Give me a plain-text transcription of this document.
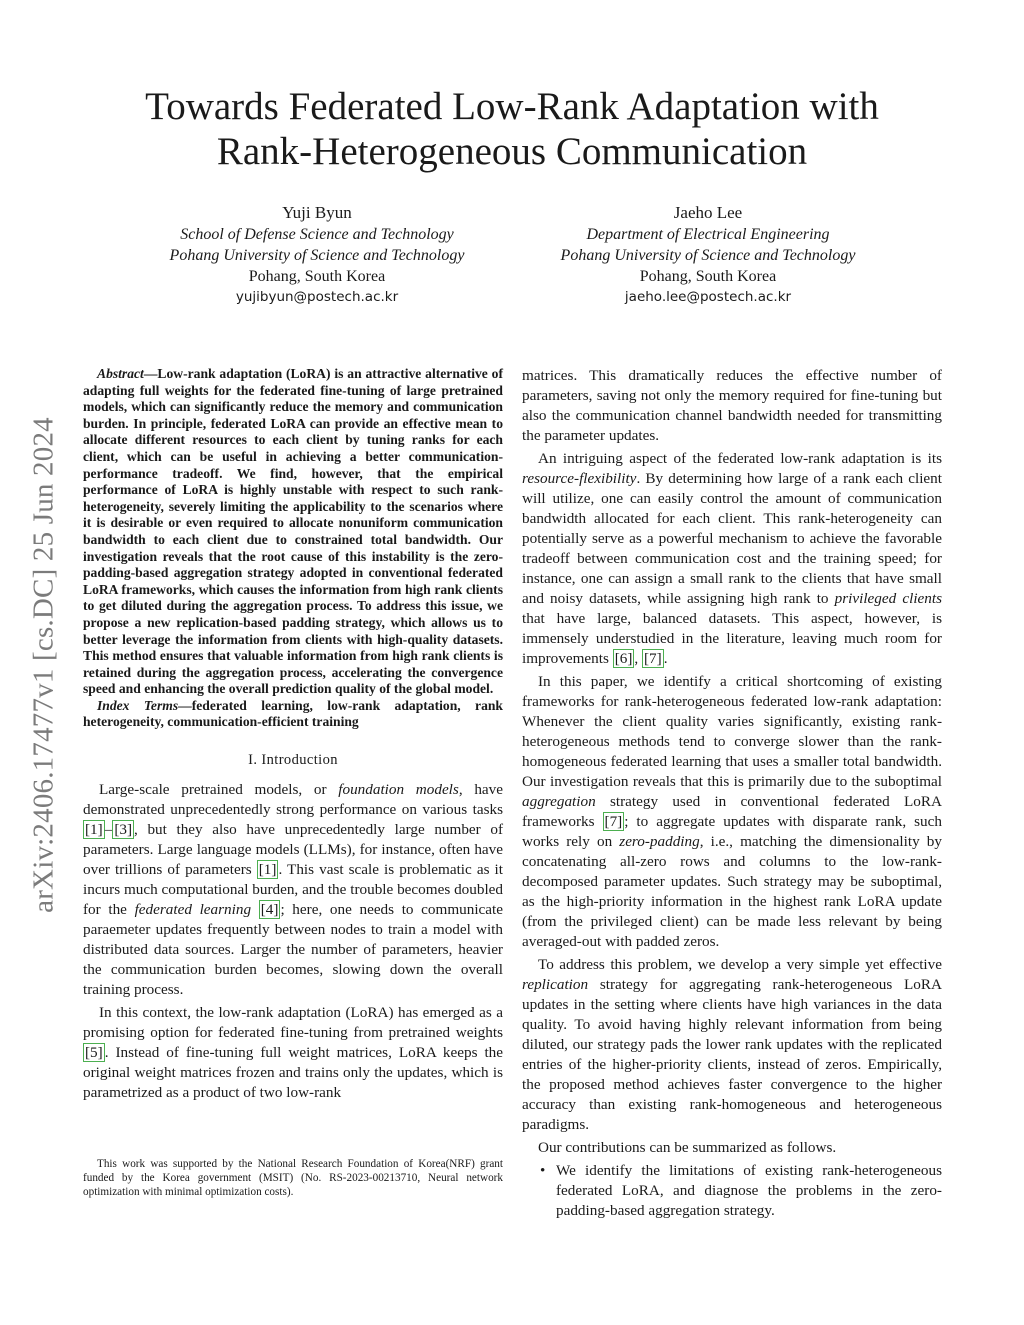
arXiv:2406.17477v1 [cs.DC] 25 Jun 2024
Towards Federated Low-Rank Adaptation with
Rank-Heterogeneous Communication
Yuji Byun
School of Defense Science and Technology
Pohang University of Science and Technology
Pohang, South Korea
yujibyun@postech.ac.kr
Jaeho Lee
Department of Electrical Engineering
Pohang University of Science and Technology
Pohang, South Korea
jaeho.lee@postech.ac.kr

Abstract—Low-rank adaptation (LoRA) is an attractive alternative of adapting full weights for the federated fine-tuning of large pretrained models, which can significantly reduce the memory and communication burden. In principle, federated LoRA can provide an effective mean to allocate different resources to each client by tuning ranks for each client, which can be useful in achieving a better communication-performance tradeoff. We find, however, that the empirical performance of LoRA is highly unstable with respect to such rank-heterogeneity, severely limiting the applicability to the scenarios where it is desirable or even required to allocate nonuniform communication bandwidth to each client due to constrained total bandwidth. Our investigation reveals that the root cause of this instability is the zero-padding-based aggregation strategy adopted in conventional federated LoRA frameworks, which causes the information from high rank clients to get diluted during the aggregation process. To address this issue, we propose a new replication-based padding strategy, which allows us to better leverage the information from clients with high-quality datasets. This method ensures that valuable information from high rank clients is retained during the aggregation process, accelerating the convergence speed and enhancing the overall prediction quality of the global model.

Index Terms—federated learning, low-rank adaptation, rank heterogeneity, communication-efficient training

I. Introduction

Large-scale pretrained models, or foundation models, have demonstrated unprecedentedly strong performance on various tasks [1] – [3] , but they also have unprecedentedly large number of parameters. Large language models (LLMs), for instance, often have over trillions of parameters [1] . This vast scale is problematic as it incurs much computational burden, and the trouble becomes doubled for the federated learning [4] ; here, one needs to communicate paraemeter updates frequently between nodes to train a model with distributed data sources. Larger the number of parameters, heavier the communication burden becomes, slowing down the overall training process.

In this context, the low-rank adaptation (LoRA) has emerged as a promising option for federated fine-tuning from pretrained weights [5] . Instead of fine-tuning full weight matrices, LoRA keeps the original weight matrices frozen and trains only the updates, which is parametrized as a product of two low-rank

This work was supported by the National Research Foundation of Korea(NRF) grant funded by the Korea government (MSIT) (No. RS-2023-00213710, Neural network optimization with minimal optimization costs).

matrices. This dramatically reduces the effective number of parameters, saving not only the memory required for fine-tuning but also the communication channel bandwidth needed for transmitting the parameter updates.

An intriguing aspect of the federated low-rank adaptation is its resource-flexibility. By determining how large of a rank each client will utilize, one can easily control the amount of communication bandwidth allocated for each client. This rank-heterogeneity can potentially serve as a powerful mechanism to achieve the favorable tradeoff between communication cost and the training speed; for instance, one can assign a small rank to the clients that have small and noisy datasets, while assigning high rank to privileged clients that have large, balanced datasets. This aspect, however, is immensely understudied in the literature, leaving much room for improvements [6] , [7] .

In this paper, we identify a critical shortcoming of existing frameworks for rank-heterogeneous federated low-rank adaptation: Whenever the client quality varies significantly, existing rank-heterogeneous methods tend to converge slower than the rank-homogeneous federated learning that uses a smaller total bandwidth. Our investigation reveals that this is primarily due to the suboptimal aggregation strategy used in conventional federated LoRA frameworks [7] ; to aggregate updates with disparate rank, such works rely on zero-padding, i.e., matching the dimensionality by concatenating all-zero rows and columns to the low-rank-decomposed parameter updates. Such strategy may be suboptimal, as the high-priority information in the highest rank LoRA update (from the privileged client) can be made less relevant by being averaged-out with padded zeros.

To address this problem, we develop a very simple yet effective replication strategy for aggregating rank-heterogeneous LoRA updates in the setting where clients have high variances in the data quality. To avoid having highly relevant information from being diluted, our strategy pads the lower rank updates with the replicated entries of the higher-priority clients, instead of zeros. Empirically, the proposed method achieves faster convergence to the higher accuracy than existing rank-homogeneous and heterogeneous paradigms.

Our contributions can be summarized as follows.

• We identify the limitations of existing rank-heterogeneous federated LoRA, and diagnose the problems in the zero-padding-based aggregation strategy.
